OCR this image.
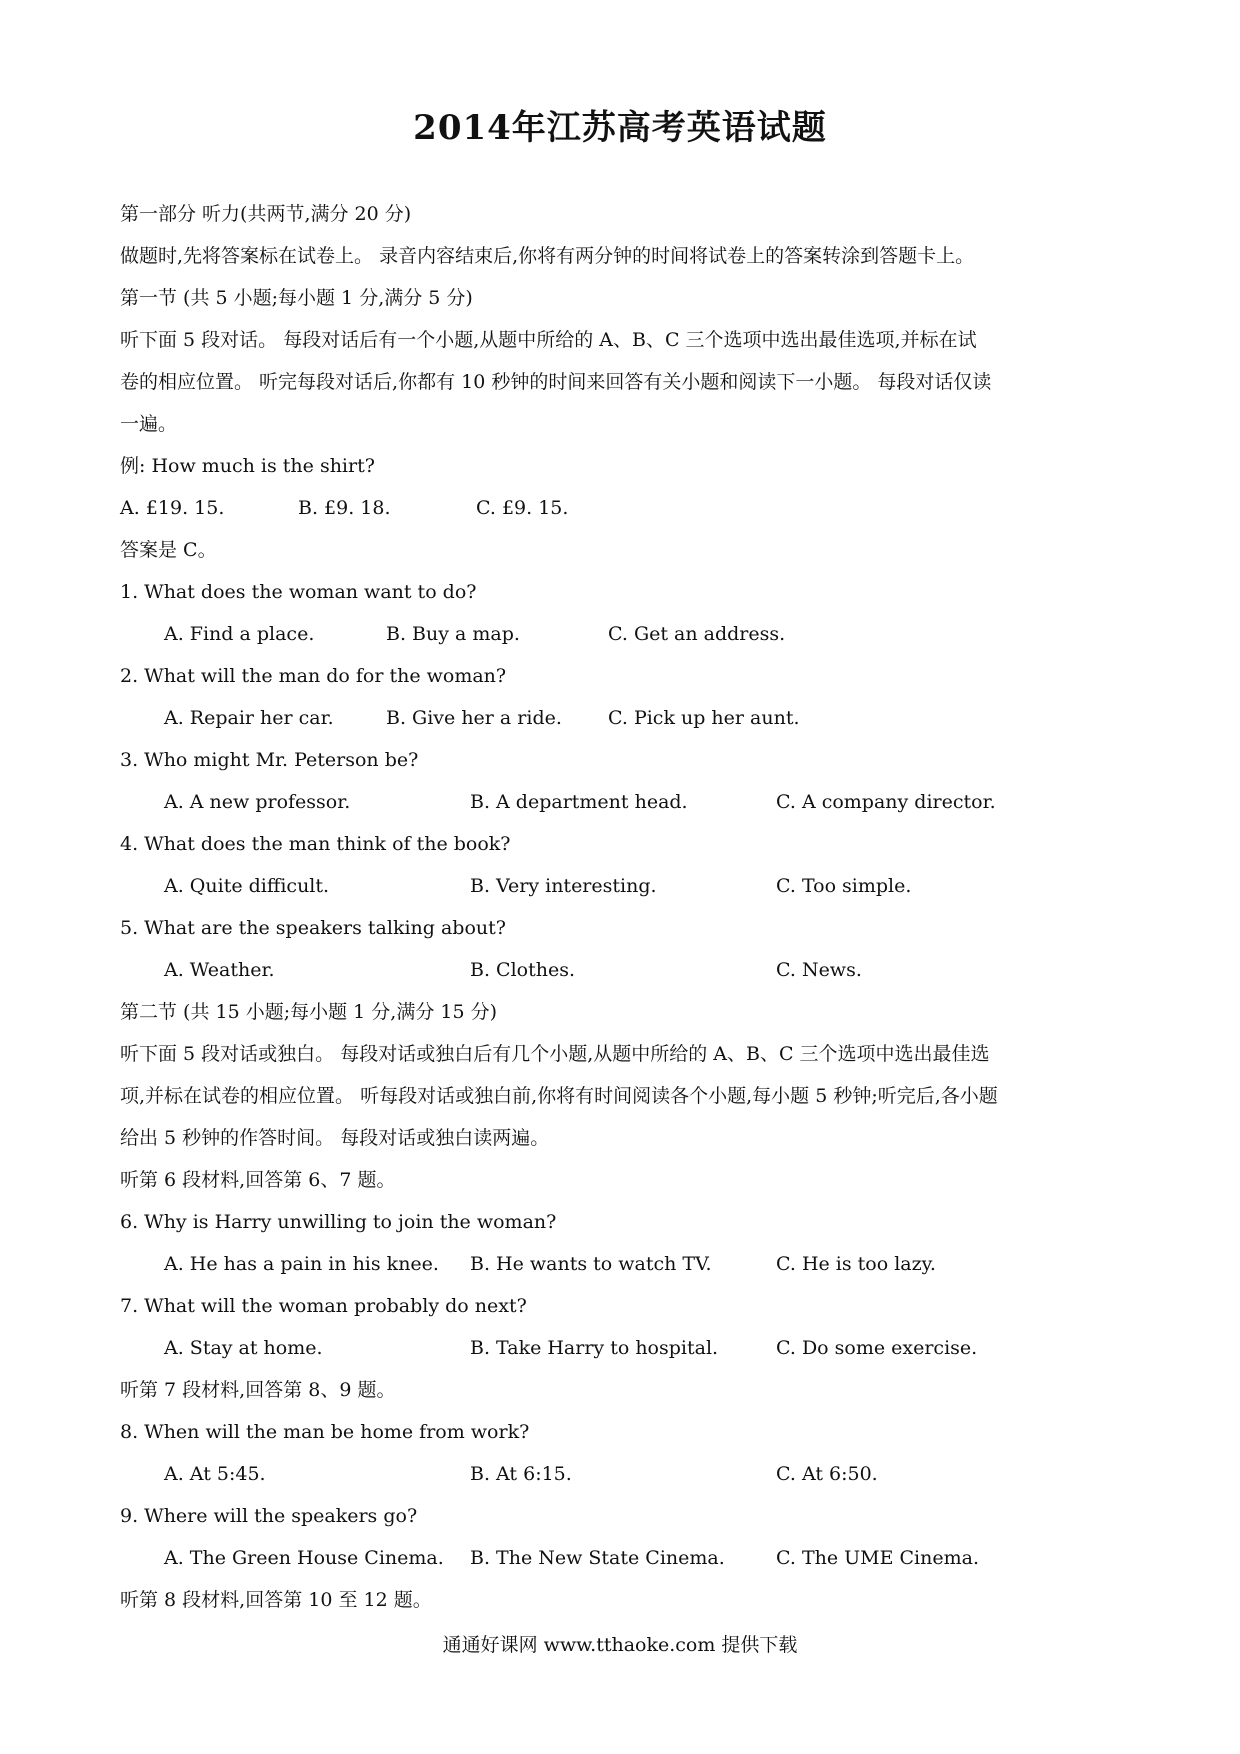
2014年江苏高考英语试题
第一部分 听力(共两节,满分 20 分)
做题时,先将答案标在试卷上。 录音内容结束后,你将有两分钟的时间将试卷上的答案转涂到答题卡上。
第一节 (共 5 小题;每小题 1 分,满分 5 分)
听下面 5 段对话。 每段对话后有一个小题,从题中所给的 A、B、C 三个选项中选出最佳选项,并标在试
卷的相应位置。 听完每段对话后,你都有 10 秒钟的时间来回答有关小题和阅读下一小题。 每段对话仅读
一遍。
例: How much is the shirt?
A. £19. 15.	B. £9. 18.	C. £9. 15.
答案是 C。
1. What does the woman want to do?
A. Find a place.	B. Buy a map.	C. Get an address.
2. What will the man do for the woman?
A. Repair her car.	B. Give her a ride.	C. Pick up her aunt.
3. Who might Mr. Peterson be?
A. A new professor.	B. A department head.	C. A company director.
4. What does the man think of the book?
A. Quite difficult.	B. Very interesting.	C. Too simple.
5. What are the speakers talking about?
A. Weather.	B. Clothes.	C. News.
第二节 (共 15 小题;每小题 1 分,满分 15 分)
听下面 5 段对话或独白。 每段对话或独白后有几个小题,从题中所给的 A、B、C 三个选项中选出最佳选
项,并标在试卷的相应位置。 听每段对话或独白前,你将有时间阅读各个小题,每小题 5 秒钟;听完后,各小题
给出 5 秒钟的作答时间。 每段对话或独白读两遍。
听第 6 段材料,回答第 6、7 题。
6. Why is Harry unwilling to join the woman?
A. He has a pain in his knee.	B. He wants to watch TV.	C. He is too lazy.
7. What will the woman probably do next?
A. Stay at home.	B. Take Harry to hospital.	C. Do some exercise.
听第 7 段材料,回答第 8、9 题。
8. When will the man be home from work?
A. At 5:45.	B. At 6:15.	C. At 6:50.
9. Where will the speakers go?
A. The Green House Cinema.	B. The New State Cinema.	C. The UME Cinema.
听第 8 段材料,回答第 10 至 12 题。
通通好课网 www.tthaoke.com 提供下载
